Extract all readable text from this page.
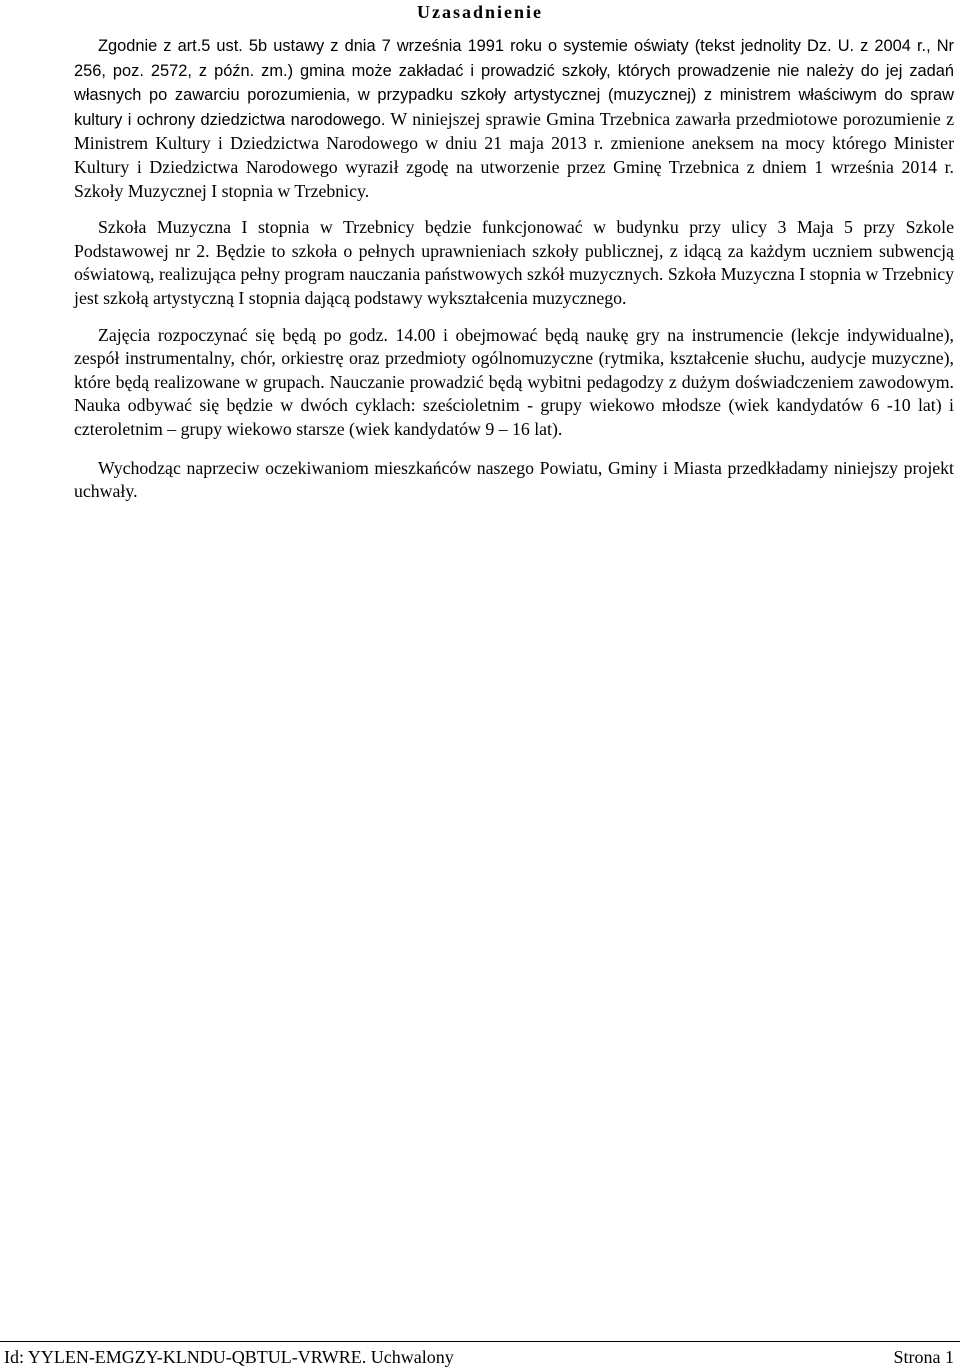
Uzasadnienie

Zgodnie z art.5 ust. 5b ustawy z dnia 7 września 1991 roku o systemie oświaty (tekst jednolity Dz. U. z 2004 r., Nr 256, poz. 2572, z późn. zm.) gmina może zakładać i prowadzić szkoły, których prowadzenie nie należy do jej zadań własnych po zawarciu porozumienia, w przypadku szkoły artystycznej (muzycznej) z ministrem właściwym do spraw kultury i ochrony dziedzictwa narodowego. W niniejszej sprawie Gmina Trzebnica zawarła przedmiotowe porozumienie z Ministrem Kultury i Dziedzictwa Narodowego w dniu 21 maja 2013 r. zmienione aneksem na mocy którego Minister Kultury i Dziedzictwa Narodowego wyraził zgodę na utworzenie przez Gminę Trzebnica z dniem 1 września 2014 r. Szkoły Muzycznej I stopnia w Trzebnicy.

Szkoła Muzyczna I stopnia w Trzebnicy będzie funkcjonować w budynku przy ulicy 3 Maja 5 przy Szkole Podstawowej nr 2. Będzie to szkoła o pełnych uprawnieniach szkoły publicznej, z idącą za każdym uczniem subwencją oświatową, realizująca pełny program nauczania państwowych szkół muzycznych. Szkoła Muzyczna I stopnia w Trzebnicy jest szkołą artystyczną I stopnia dającą podstawy wykształcenia muzycznego.

Zajęcia rozpoczynać się będą po godz. 14.00 i obejmować będą naukę gry na instrumencie (lekcje indywidualne), zespół instrumentalny, chór, orkiestrę oraz przedmioty ogólnomuzyczne (rytmika, kształcenie słuchu, audycje muzyczne), które będą realizowane w grupach. Nauczanie prowadzić będą wybitni pedagodzy z dużym doświadczeniem zawodowym. Nauka odbywać się będzie w dwóch cyklach: sześcioletnim - grupy wiekowo młodsze (wiek kandydatów 6 -10 lat) i czteroletnim – grupy wiekowo starsze (wiek kandydatów 9 – 16 lat).

Wychodząc naprzeciw oczekiwaniom mieszkańców naszego Powiatu, Gminy i Miasta przedkładamy niniejszy projekt uchwały.

Id: YYLEN-EMGZY-KLNDU-QBTUL-VRWRE. Uchwalony	Strona 1
